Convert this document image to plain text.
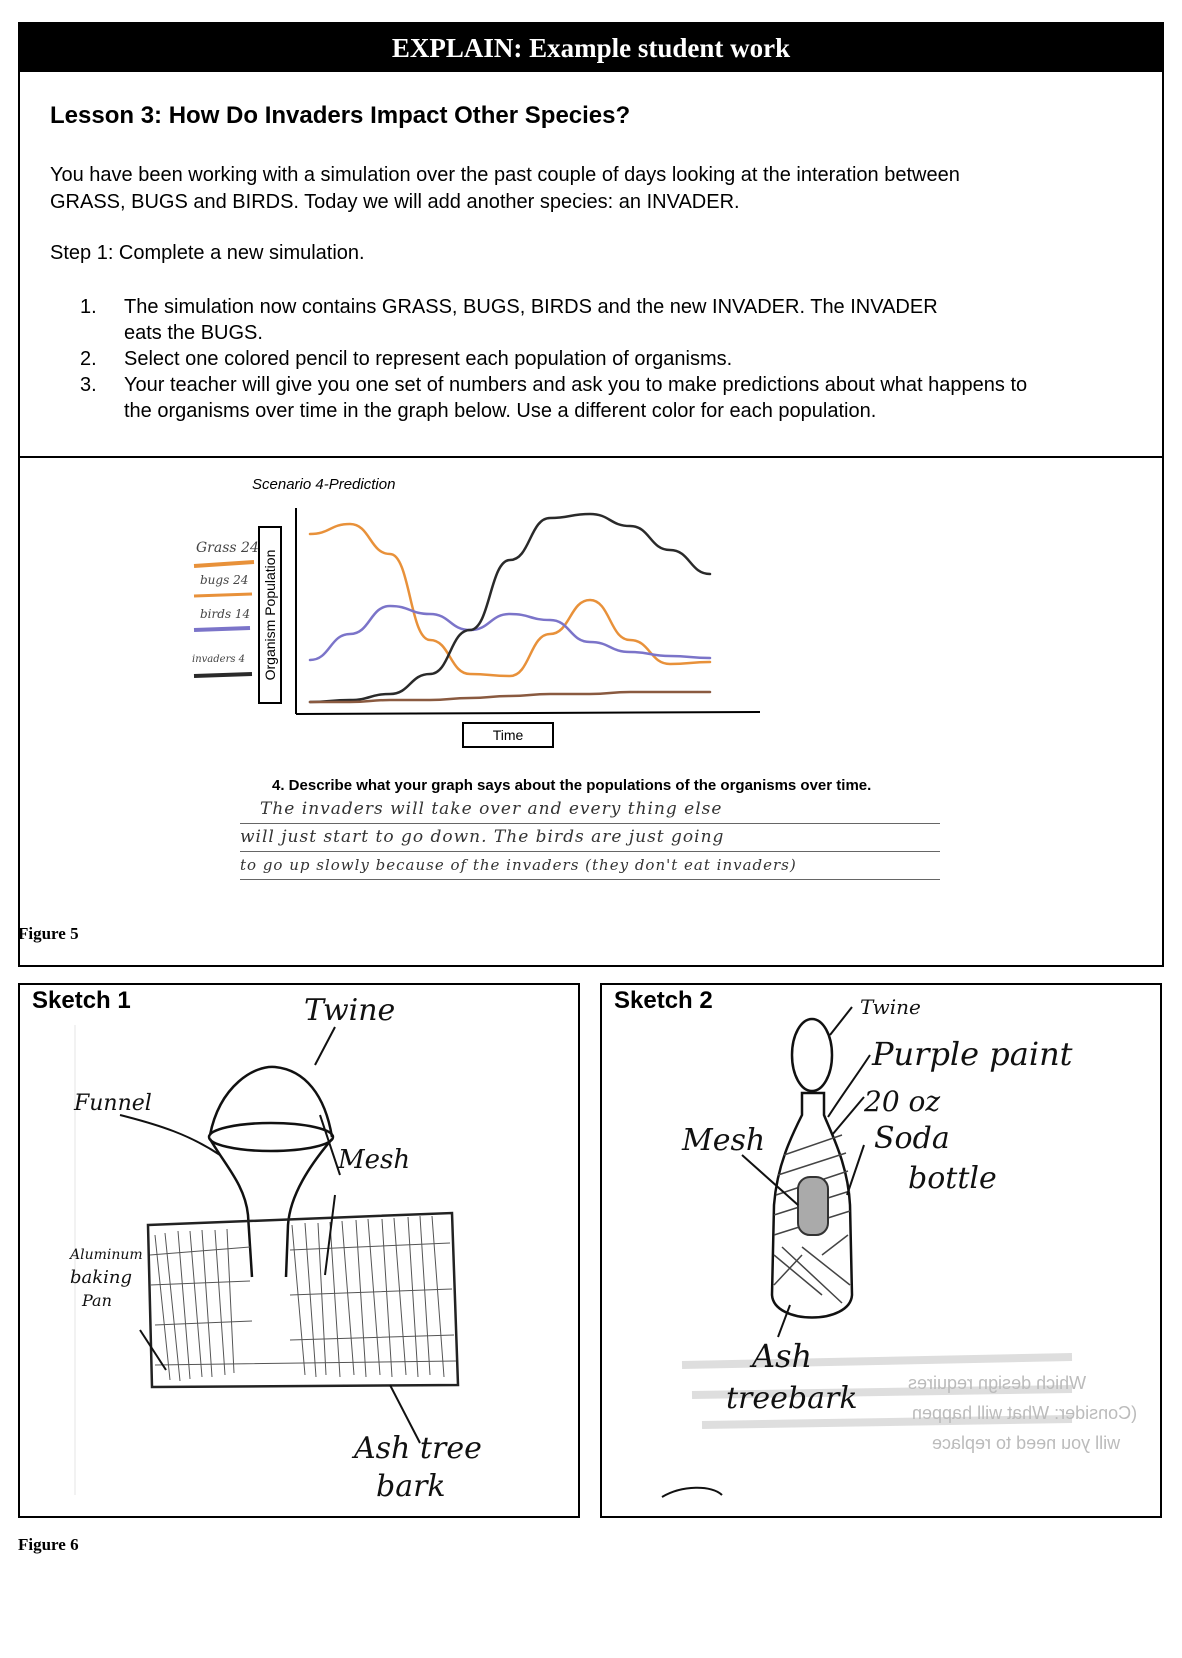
EXPLAIN: Example student work
Lesson 3: How Do Invaders Impact Other Species?
You have been working with a simulation over the past couple of days looking at the interation between
GRASS, BUGS and BIRDS. Today we will add another species: an INVADER.
Step 1: Complete a new simulation.
1.	The simulation now contains GRASS, BUGS, BIRDS and the new INVADER. The INVADER
eats the BUGS.
2.	Select one colored pencil to represent each population of organisms.
3.	Your teacher will give you one set of numbers and ask you to make predictions about what happens to
the organisms over time in the graph below. Use a different color for each population.
Scenario 4-Prediction
Grass 24
bugs 24
birds 14
invaders 4 Organism Population
Time
4. Describe what your graph says about the populations of the organisms over time.
The invaders will take over and every thing else
will just start to go down. The birds are just going
to go up slowly because of the invaders (they don't eat invaders)
Figure 5
Sketch 1	Twine
Funnel
Mesh
Aluminum
baking
Pan
Ash tree
bark
Sketch 2
Which design requires
(Consider: What will happen
will you need to replace
Twine
Purple paint
20 oz
Soda
bottle
Mesh
Ash
treebark
Figure 6
